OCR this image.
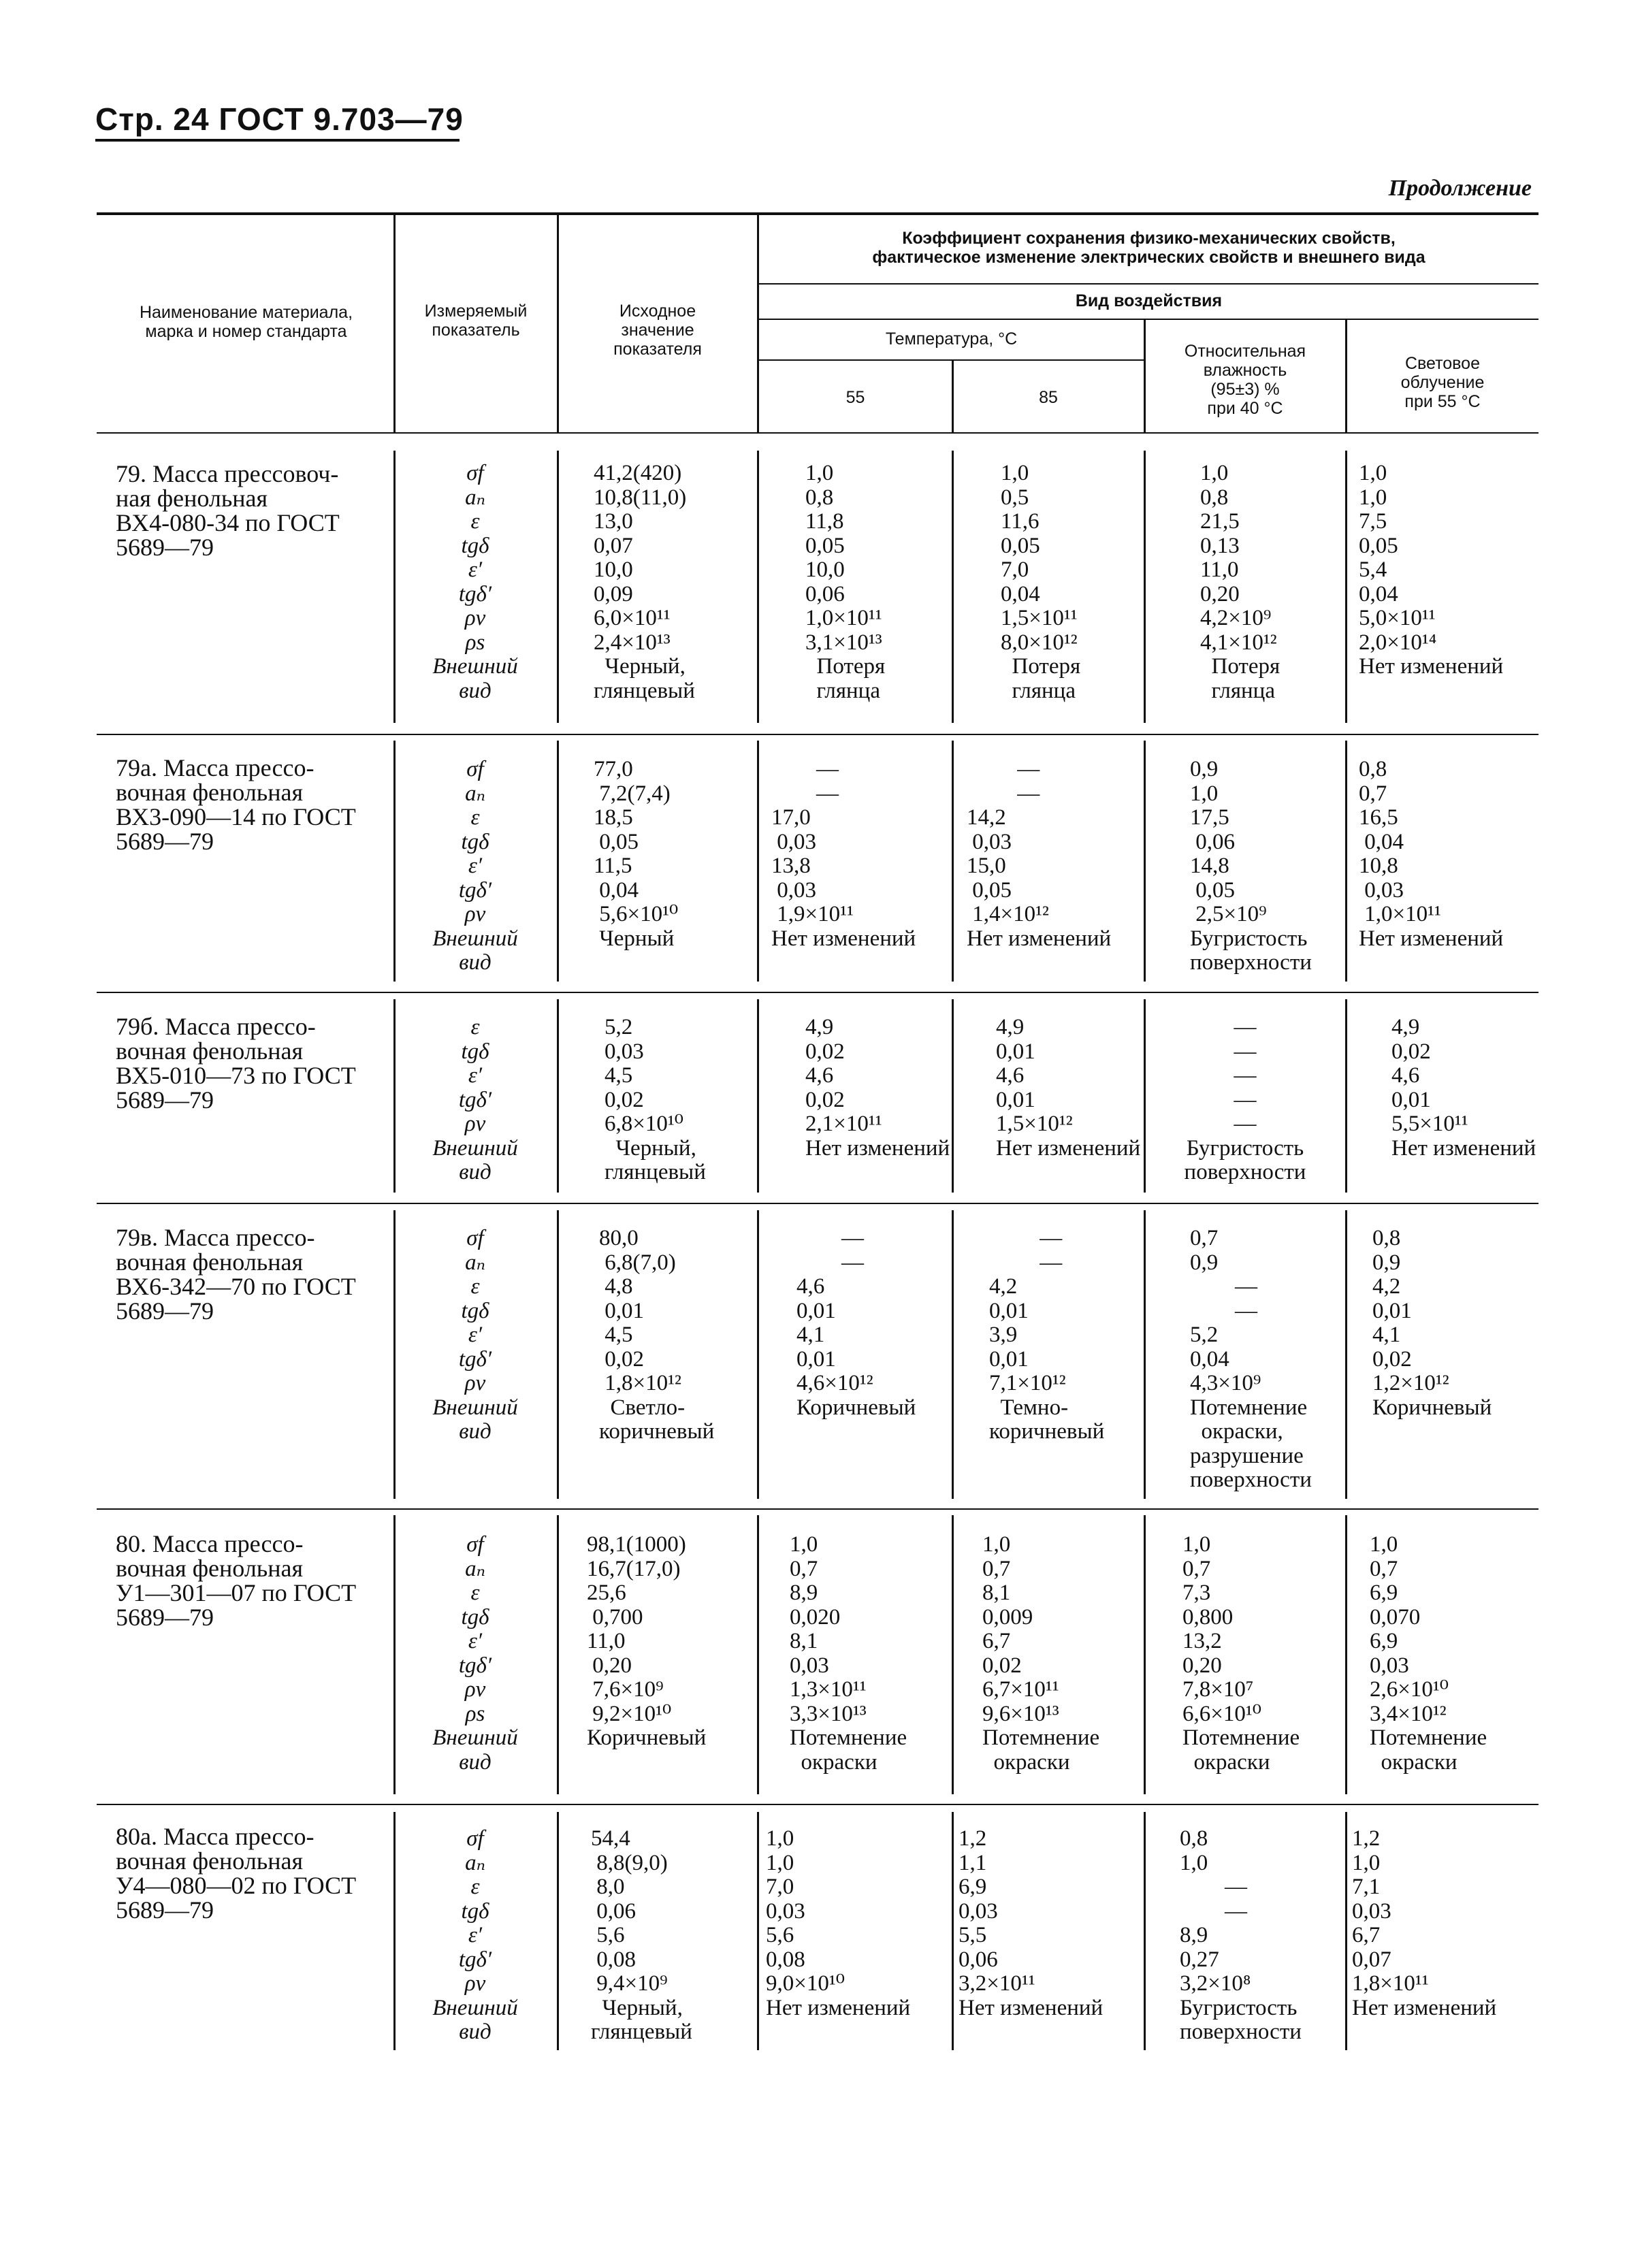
Стр. 24 ГОСТ 9.703—79
Продолжение
Наименование материала,
марка и номер стандарта
Измеряемый
показатель
Исходное
значение
показателя
Коэффициент сохранения физико-механических свойств,
фактическое изменение электрических свойств и внешнего вида
Вид воздействия
Температура, °С
55	85
Относительная
влажность
(95±3) %
при 40 °С
Световое
облучение
при 55 °С
79. Масса прессовоч-
ная фенольная
ВХ4-080-34 по ГОСТ
5689—79
σf
aₙ
ε
tgδ
ε′
tgδ′
ρv
ρs
Внешний
вид
41,2(420)
10,8(11,0)
13,0
0,07
10,0
0,09
6,0×10¹¹
2,4×10¹³
Черный,
глянцевый
1,0
0,8
11,8
0,05
10,0
0,06
1,0×10¹¹
3,1×10¹³
Потеря
глянца
1,0
0,5
11,6
0,05
7,0
0,04
1,5×10¹¹
8,0×10¹²
Потеря
глянца
1,0
0,8
21,5
0,13
11,0
0,20
4,2×10⁹
4,1×10¹²
Потеря
глянца
1,0
1,0
7,5
0,05
5,4
0,04
5,0×10¹¹
2,0×10¹⁴
Нет изменений
79а. Масса прессо-
вочная фенольная
ВХ3-090—14 по ГОСТ
5689—79
σf
aₙ
ε
tgδ
ε′
tgδ′
ρv
Внешний
вид
77,0
7,2(7,4)
18,5
0,05
11,5
0,04
5,6×10¹⁰
Черный
—
—
17,0
0,03
13,8
0,03
1,9×10¹¹
Нет изменений
—
—
14,2
0,03
15,0
0,05
1,4×10¹²
Нет изменений
0,9
1,0
17,5
0,06
14,8
0,05
2,5×10⁹
Бугристость
поверхности
0,8
0,7
16,5
0,04
10,8
0,03
1,0×10¹¹
Нет изменений
79б. Масса прессо-
вочная фенольная
ВХ5-010—73 по ГОСТ
5689—79
ε
tgδ
ε′
tgδ′
ρv
Внешний
вид
5,2
0,03
4,5
0,02
6,8×10¹⁰
Черный,
глянцевый
4,9
0,02
4,6
0,02
2,1×10¹¹
Нет изменений
4,9
0,01
4,6
0,01
1,5×10¹²
Нет изменений
—
—
—
—
—
Бугристость
поверхности
4,9
0,02
4,6
0,01
5,5×10¹¹
Нет изменений
79в. Масса прессо-
вочная фенольная
ВХ6-342—70 по ГОСТ
5689—79
σf
aₙ
ε
tgδ
ε′
tgδ′
ρv
Внешний
вид
80,0
6,8(7,0)
4,8
0,01
4,5
0,02
1,8×10¹²
Светло-
коричневый
—
—
4,6
0,01
4,1
0,01
4,6×10¹²
Коричневый
—
—
4,2
0,01
3,9
0,01
7,1×10¹²
Темно-
коричневый
0,7
0,9
—
—
5,2
0,04
4,3×10⁹
Потемнение
окраски,
разрушение
поверхности
0,8
0,9
4,2
0,01
4,1
0,02
1,2×10¹²
Коричневый
80. Масса прессо-
вочная фенольная
У1—301—07 по ГОСТ
5689—79
σf
aₙ
ε
tgδ
ε′
tgδ′
ρv
ρs
Внешний
вид
98,1(1000)
16,7(17,0)
25,6
0,700
11,0
0,20
7,6×10⁹
9,2×10¹⁰
Коричневый
1,0
0,7
8,9
0,020
8,1
0,03
1,3×10¹¹
3,3×10¹³
Потемнение
окраски
1,0
0,7
8,1
0,009
6,7
0,02
6,7×10¹¹
9,6×10¹³
Потемнение
окраски
1,0
0,7
7,3
0,800
13,2
0,20
7,8×10⁷
6,6×10¹⁰
Потемнение
окраски
1,0
0,7
6,9
0,070
6,9
0,03
2,6×10¹⁰
3,4×10¹²
Потемнение
окраски
80а. Масса прессо-
вочная фенольная
У4—080—02 по ГОСТ
5689—79
σf
aₙ
ε
tgδ
ε′
tgδ′
ρv
Внешний
вид
54,4
8,8(9,0)
8,0
0,06
5,6
0,08
9,4×10⁹
Черный,
глянцевый
1,0
1,0
7,0
0,03
5,6
0,08
9,0×10¹⁰
Нет изменений
1,2
1,1
6,9
0,03
5,5
0,06
3,2×10¹¹
Нет изменений
0,8
1,0
—
—
8,9
0,27
3,2×10⁸
Бугристость
поверхности
1,2
1,0
7,1
0,03
6,7
0,07
1,8×10¹¹
Нет изменений
